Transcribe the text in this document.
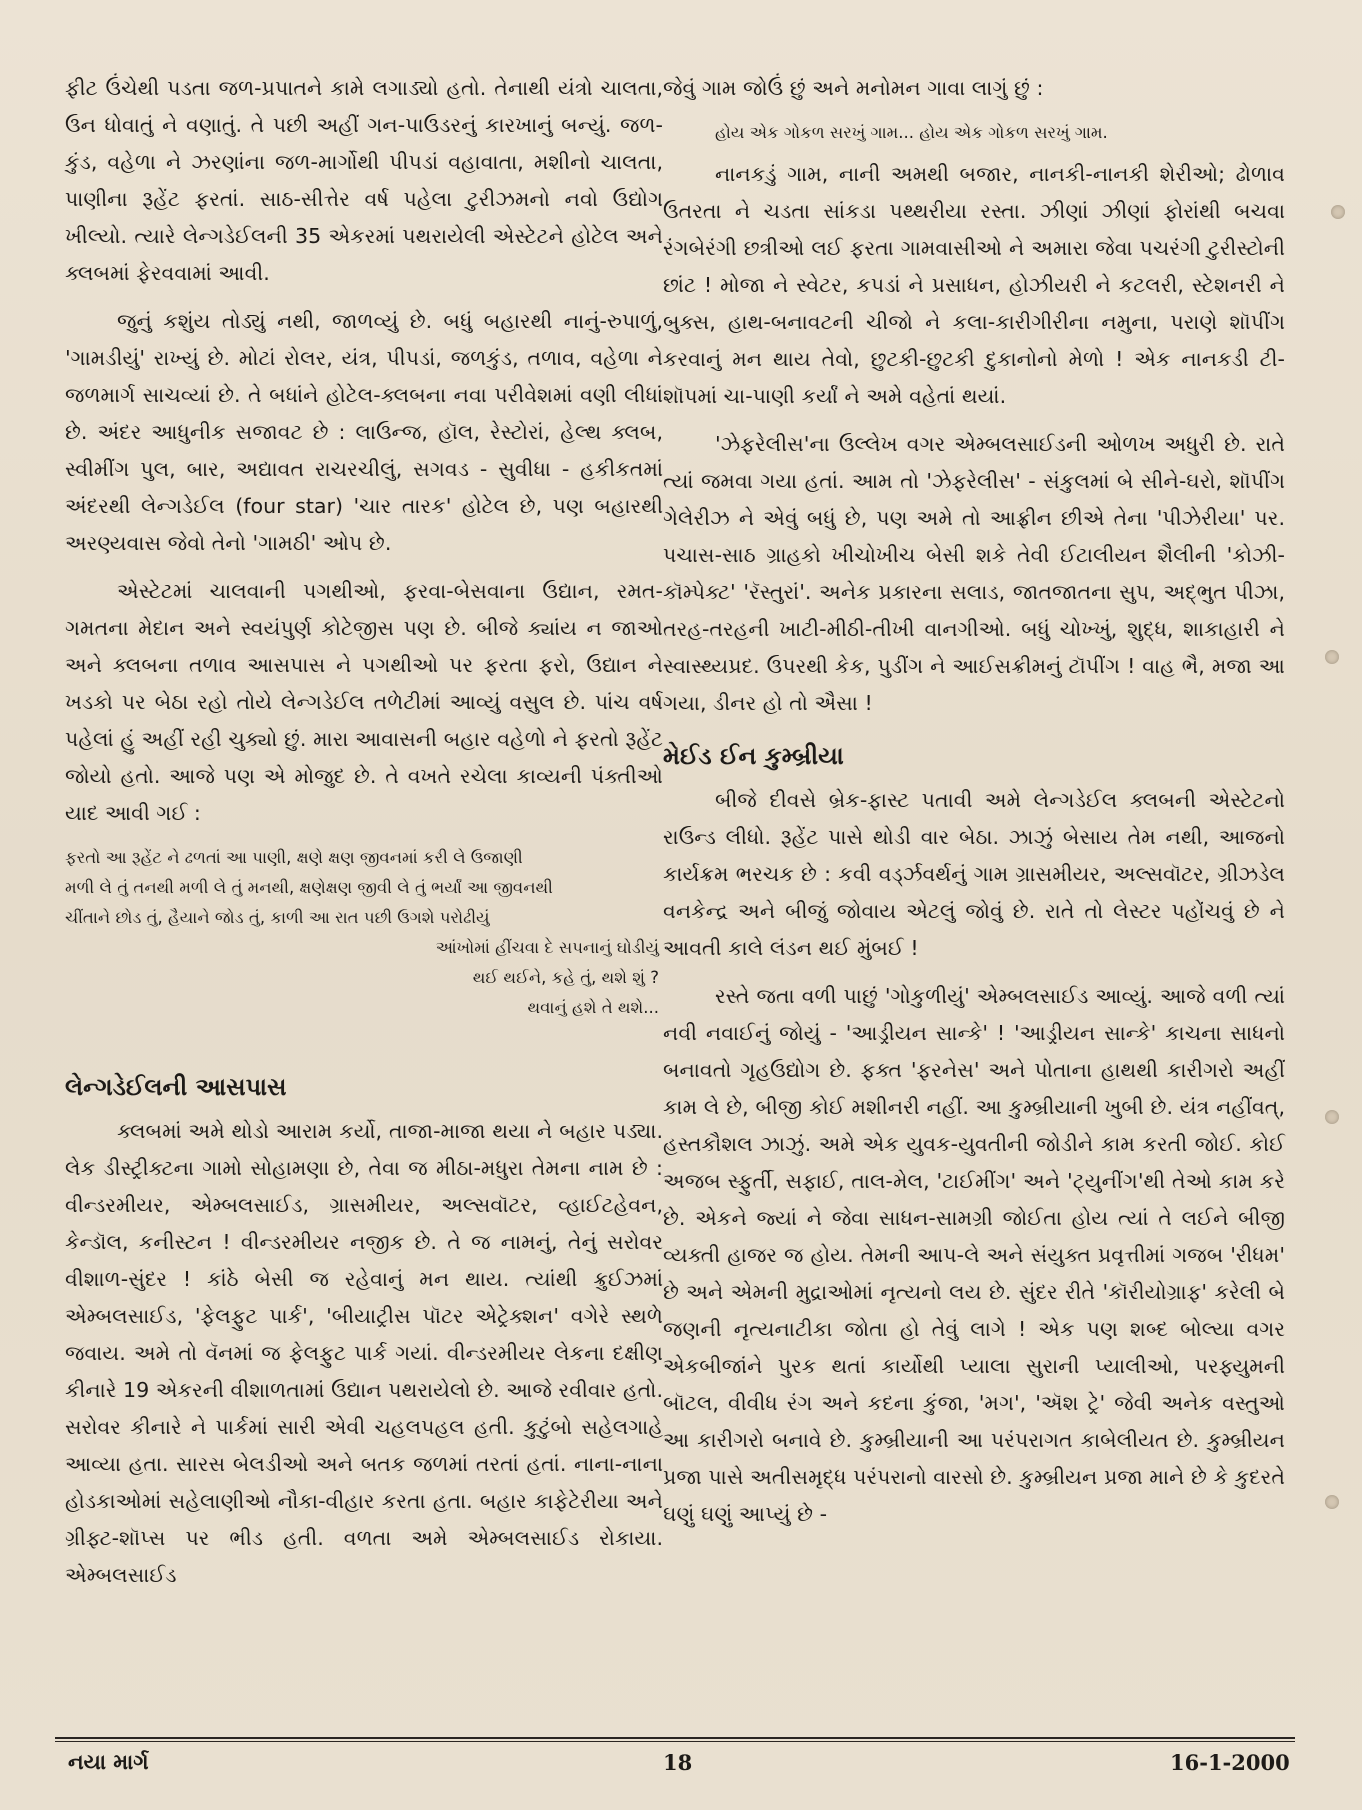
ફીટ ઉંચેથી પડતા જળ-પ્રપાતને કામે લગાડ્યો હતો. તેનાથી યંત્રો ચાલતા, ઉન ધોવાતું ને વણાતું. તે પછી અહીં ગન-પાઉડરનું કારખાનું બન્યું. જળ-કુંડ, વહેળા ને ઝરણાંના જળ-માર્ગોથી પીપડાં વહાવાતા, મશીનો ચાલતા, પાણીના રૂહેંટ ફરતાં. સાઠ-સીત્તેર વર્ષ પહેલા ટુરીઝમનો નવો ઉદ્યોગ ખીલ્યો. ત્યારે લેન્ગડેઈલની 35 એકરમાં પથરાયેલી એસ્ટેટને હોટેલ અને ક્લબમાં ફેરવવામાં આવી.

જુનું કશુંય તોડ્યું નથી, જાળવ્યું છે. બધું બહારથી નાનું-રુપાળું, 'ગામડીયું' રાખ્યું છે. મોટાં રોલર, યંત્ર, પીપડાં, જળકુંડ, તળાવ, વહેળા ને જળમાર્ગ સાચવ્યાં છે. તે બધાંને હોટેલ-ક્લબના નવા પરીવેશમાં વણી લીધાં છે. અંદર આધુનીક સજાવટ છે : લાઉન્જ, હૉલ, રેસ્ટોરાં, હેલ્થ ક્લબ, સ્વીમીંગ પુલ, બાર, અદ્યાવત રાચરચીલું, સગવડ - સુવીધા - હકીકતમાં અંદરથી લેન્ગડેઈલ (four star) 'ચાર તારક' હોટેલ છે, પણ બહારથી અરણ્યવાસ જેવો તેનો 'ગામઠી' ઓપ છે.

એસ્ટેટમાં ચાલવાની પગથીઓ, ફરવા-બેસવાના ઉદ્યાન, રમત-ગમતના મેદાન અને સ્વયંપુર્ણ કોટેજીસ પણ છે. બીજે ક્યાંય ન જાઓ અને ક્લબના તળાવ આસપાસ ને પગથીઓ પર ફરતા ફરો, ઉદ્યાન ને ખડકો પર બેઠા રહો તોયે લેન્ગડેઈલ તળેટીમાં આવ્યું વસુલ છે. પાંચ વર્ષ પહેલાં હું અહીં રહી ચુક્યો છું. મારા આવાસની બહાર વહેળો ને ફરતો રૂહેંટ જોયો હતો. આજે પણ એ મોજુદ છે. તે વખતે રચેલા કાવ્યની પંક્તીઓ યાદ આવી ગઈ :

ફરતો આ રૂહેંટ ને ઢળતાં આ પાણી, ક્ષણે ક્ષણ જીવનમાં કરી લે ઉજાણી
મળી લે તું તનથી મળી લે તું મનથી, ક્ષણેક્ષણ જીવી લે તું ભર્યાં આ જીવનથી
ચીંતાને છોડ તું, હૈયાને જોડ તું, કાળી આ રાત પછી ઉગશે પરોઢીયું
આંખોમાં હીંચવા દે સપનાનું ઘોડીયું
થઈ થઈને, કહે તું, થશે શું ?
થવાનું હશે તે થશે...
લેન્ગડેઈલની આસપાસ

ક્લબમાં અમે થોડો આરામ કર્યો, તાજા-માજા થયા ને બહાર પડ્યા. લેક ડીસ્ટ્રીક્ટના ગામો સોહામણા છે, તેવા જ મીઠા-મધુરા તેમના નામ છે : વીન્ડરમીયર, એમ્બલસાઈડ, ગ્રાસમીયર, અલ્સવૉટર, વ્હાઈટહેવન, કેન્ડૉલ, કનીસ્ટન ! વીન્ડરમીયર નજીક છે. તે જ નામનું, તેનું સરોવર વીશાળ-સુંદર ! કાંઠે બેસી જ રહેવાનું મન થાય. ત્યાંથી ક્રુઈઝમાં એમ્બલસાઈડ, 'ફેલફુટ પાર્ક', 'બીયાટ્રીસ પૉટર એટ્રેક્શન' વગેરે સ્થળે જવાય. અમે તો વૅનમાં જ ફેલફુટ પાર્ક ગયાં. વીન્ડરમીયર લેકના દક્ષીણ કીનારે 19 એકરની વીશાળતામાં ઉદ્યાન પથરાયેલો છે. આજે રવીવાર હતો. સરોવર કીનારે ને પાર્કમાં સારી એવી ચહલપહલ હતી. કુટુંબો સહેલગાહે આવ્યા હતા. સારસ બેલડીઓ અને બતક જળમાં તરતાં હતાં. નાના-નાના હોડકાઓમાં સહેલાણીઓ નૌકા-વીહાર કરતા હતા. બહાર કાફેટેરીયા અને ગ્રીફ્ટ-શૉપ્સ પર ભીડ હતી. વળતા અમે એમ્બલસાઈડ રોકાયા. એમ્બલસાઈડ

જેવું ગામ જોઉં છું અને મનોમન ગાવા લાગું છું :

હોય એક ગોકળ સરખું ગામ... હોય એક ગોકળ સરખું ગામ.

નાનકડું ગામ, નાની અમથી બજાર, નાનકી-નાનકી શેરીઓ; ઢોળાવ ઉતરતા ને ચડતા સાંકડા પથ્થરીયા રસ્તા. ઝીણાં ઝીણાં ફોરાંથી બચવા રંગબેરંગી છત્રીઓ લઈ ફરતા ગામવાસીઓ ને અમારા જેવા પચરંગી ટુરીસ્ટોની છાંટ ! મોજા ને સ્વેટર, કપડાં ને પ્રસાધન, હોઝીયરી ને કટલરી, સ્ટેશનરી ને બુક્સ, હાથ-બનાવટની ચીજો ને કલા-કારીગીરીના નમુના, પરાણે શૉપીંગ કરવાનું મન થાય તેવો, છુટકી-છુટકી દુકાનોનો મેળો ! એક નાનકડી ટી-શૉપમાં ચા-પાણી કર્યાં ને અમે વહેતાં થયાં.

'ઝેફરેલીસ'ના ઉલ્લેખ વગર એમ્બલસાઈડની ઓળખ અધુરી છે. રાતે ત્યાં જમવા ગયા હતાં. આમ તો 'ઝેફરેલીસ' - સંકુલમાં બે સીને-ઘરો, શૉપીંગ ગેલેરીઝ ને એવું બધું છે, પણ અમે તો આફ્રીન છીએ તેના 'પીઝેરીયા' પર. પચાસ-સાઠ ગ્રાહકો ખીચોખીચ બેસી શકે તેવી ઈટાલીયન શૈલીની 'કોઝી-કૉમ્પેક્ટ' 'રૅસ્તુરાં'. અનેક પ્રકારના સલાડ, જાતજાતના સુપ, અદ્ભુત પીઝા, તરહ-તરહની ખાટી-મીઠી-તીખી વાનગીઓ. બધું ચોખ્ખું, શુદ્ધ, શાકાહારી ને સ્વાસ્થ્યપ્રદ. ઉપરથી કેક, પુડીંગ ને આઈસક્રીમનું ટૉપીંગ ! વાહ ભૈ, મજા આ ગયા, ડીનર હો તો ઐસા !

મેઈડ ઈન કુમ્બ્રીયા

બીજે દીવસે બ્રેક-ફાસ્ટ પતાવી અમે લેન્ગડેઈલ ક્લબની એસ્ટેટનો રાઉન્ડ લીધો. રૂહેંટ પાસે થોડી વાર બેઠા. ઝાઝું બેસાય તેમ નથી, આજનો કાર્યક્રમ ભરચક છે : કવી વર્ડ્ઝવર્થનું ગામ ગ્રાસમીયર, અલ્સવૉટર, ગ્રીઝડેલ વનકેન્દ્ર અને બીજું જોવાય એટલું જોવું છે. રાતે તો લેસ્ટર પહોંચવું છે ને આવતી કાલે લંડન થઈ મુંબઈ !

રસ્તે જતા વળી પાછું 'ગોકુળીયું' એમ્બલસાઈડ આવ્યું. આજે વળી ત્યાં નવી નવાઈનું જોયું - 'આડ્રીયન સાન્કે' ! 'આડ્રીયન સાન્કે' કાચના સાધનો બનાવતો ગૃહઉદ્યોગ છે. ફક્ત 'ફરનેસ' અને પોતાના હાથથી કારીગરો અહીં કામ લે છે, બીજી કોઈ મશીનરી નહીં. આ કુમ્બ્રીયાની ખુબી છે. યંત્ર નહીંવત્, હસ્તકૌશલ ઝાઝું. અમે એક યુવક-યુવતીની જોડીને કામ કરતી જોઈ. કોઈ અજબ સ્ફુર્તી, સફાઈ, તાલ-મેલ, 'ટાઈમીંગ' અને 'ટ્યુનીંગ'થી તેઓ કામ કરે છે. એકને જ્યાં ને જેવા સાધન-સામગ્રી જોઈતા હોય ત્યાં તે લઈને બીજી વ્યક્તી હાજર જ હોય. તેમની આપ-લે અને સંયુક્ત પ્રવૃત્તીમાં ગજબ 'રીધમ' છે અને એમની મુદ્રાઓમાં નૃત્યનો લય છે. સુંદર રીતે 'કૉરીયોગ્રાફ' કરેલી બે જણની નૃત્યનાટીકા જોતા હો તેવું લાગે ! એક પણ શબ્દ બોલ્યા વગર એકબીજાંને પુરક થતાં કાર્યોથી પ્યાલા સુરાની પ્યાલીઓ, પરફ્યુમની બૉટલ, વીવીધ રંગ અને કદના કુંજા, 'મગ', 'ઍશ ટ્રે' જેવી અનેક વસ્તુઓ આ કારીગરો બનાવે છે. કુમ્બ્રીયાની આ પરંપરાગત કાબેલીયત છે. કુમ્બ્રીયન પ્રજા પાસે અતીસમૃદ્ધ પરંપરાનો વારસો છે. કુમ્બ્રીયન પ્રજા માને છે કે કુદરતે ઘણું ઘણું આપ્યું છે -

નયા માર્ગ	18	16-1-2000
